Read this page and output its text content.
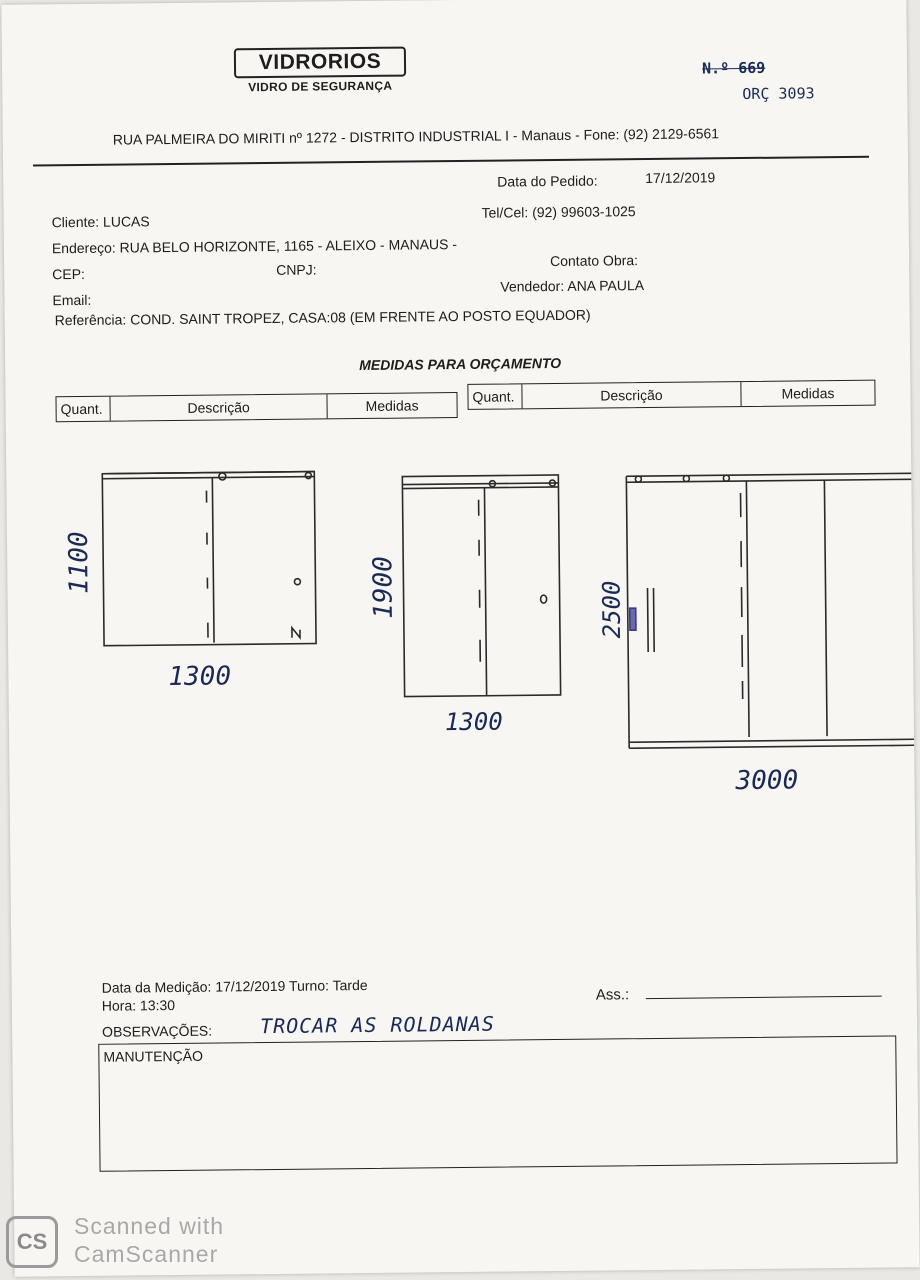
VIDRORIOS
VIDRO DE SEGURANÇA
N.º 669
ORÇ 3093
RUA PALMEIRA DO MIRITI nº 1272 - DISTRITO INDUSTRIAL I - Manaus - Fone: (92) 2129-6561
Data do Pedido:	17/12/2019
Cliente: LUCAS
Tel/Cel: (92) 99603-1025
Endereço: RUA BELO HORIZONTE, 1165 - ALEIXO - MANAUS -
CEP:	CNPJ:
Contato Obra:
Email:
Vendedor: ANA PAULA
Referência: COND. SAINT TROPEZ, CASA:08 (EM FRENTE AO POSTO EQUADOR)
MEDIDAS PARA ORÇAMENTO
Quant.	Descrição	Medidas
Quant.	Descrição	Medidas
1100
1300
1900
1300
2500
3000
Data da Medição: 17/12/2019 Turno: Tarde
Hora: 13:30
Ass.:
OBSERVAÇÕES: TROCAR AS ROLDANAS
MANUTENÇÃO
CS
Scanned with
CamScanner
